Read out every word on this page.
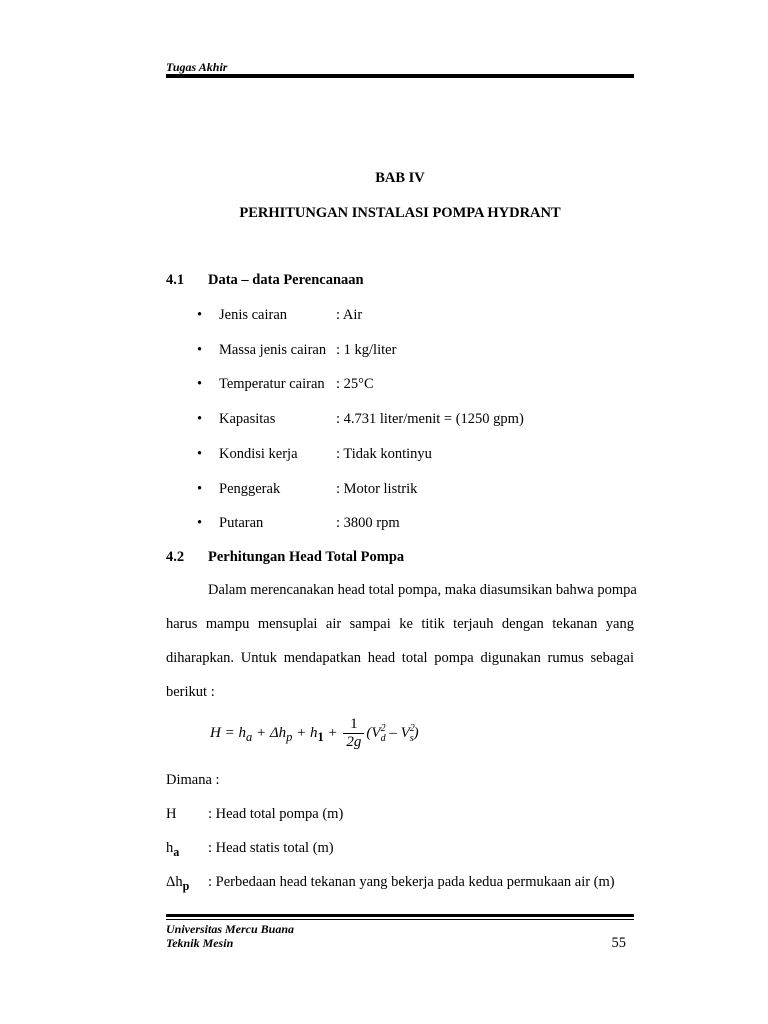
Tugas Akhir
BAB IV
PERHITUNGAN INSTALASI POMPA HYDRANT
4.1 Data – data Perencanaan
• Jenis cairan	: Air
• Massa jenis cairan : 1 kg/liter
• Temperatur cairan : 25°C
• Kapasitas	: 4.731 liter/menit = (1250 gpm)
• Kondisi kerja	: Tidak kontinyu
• Penggerak	: Motor listrik
• Putaran	: 3800 rpm
4.2 Perhitungan Head Total Pompa
Dalam merencanakan head total pompa, maka diasumsikan bahwa pompa
harus mampu mensuplai air sampai ke titik terjauh dengan tekanan yang
diharapkan. Untuk mendapatkan head total pompa digunakan rumus sebagai
berikut :
$H = h_a + \Delta h_p + h_1 + \frac{1}{2g} (V^2_d - V^2_s)$
Dimana :
H : Head total pompa (m)
$h_a$ : Head statis total (m)
$\Delta h_p$ : Perbedaan head tekanan yang bekerja pada kedua permukaan air (m)
Universitas Mercu Buana
Teknik Mesin	55
